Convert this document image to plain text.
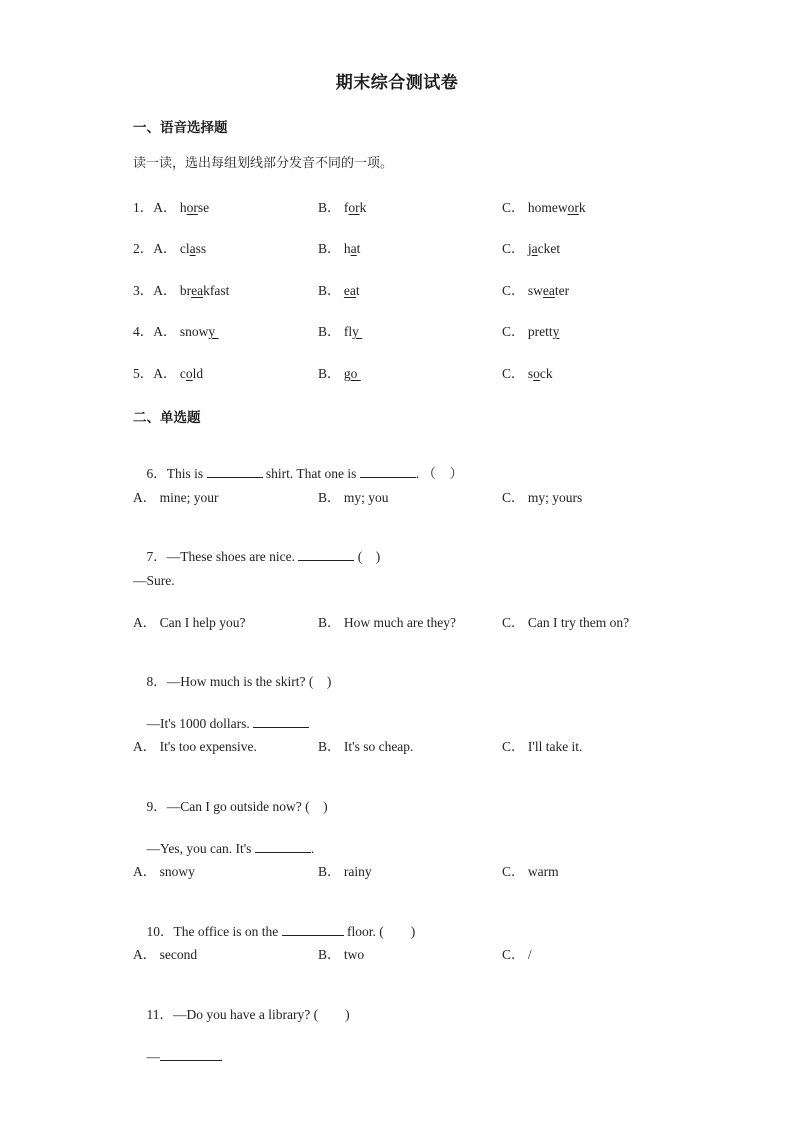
期末综合测试卷
一、语音选择题
读一读，选出每组划线部分发音不同的一项。
1．A． horse	B． fork	C． homework
2．A． class	B． hat	C． jacket
3．A． breakfast	B． eat	C． sweater
4．A． snowy	B． fly	C． pretty
5．A． cold	B． go	C． sock
二、单选题

6．This is	shirt. That one is	. （　）

A． mine; your	B． my; you	C． my; yours

7．—These shoes are nice.	(　)

—Sure.
A． Can I help you?	B． How much are they?	C． Can I try them on?

8．—How much is the skirt? (　)

—It's 1000 dollars.

A． It's too expensive.	B． It's so cheap.	C． I'll take it.

9．—Can I go outside now? (　)

—Yes, you can. It's	.

A． snowy	B． rainy	C． warm

10．The office is on the	floor. (　　)

A． second	B． two	C． /

11．—Do you have a library? (　　)

—
